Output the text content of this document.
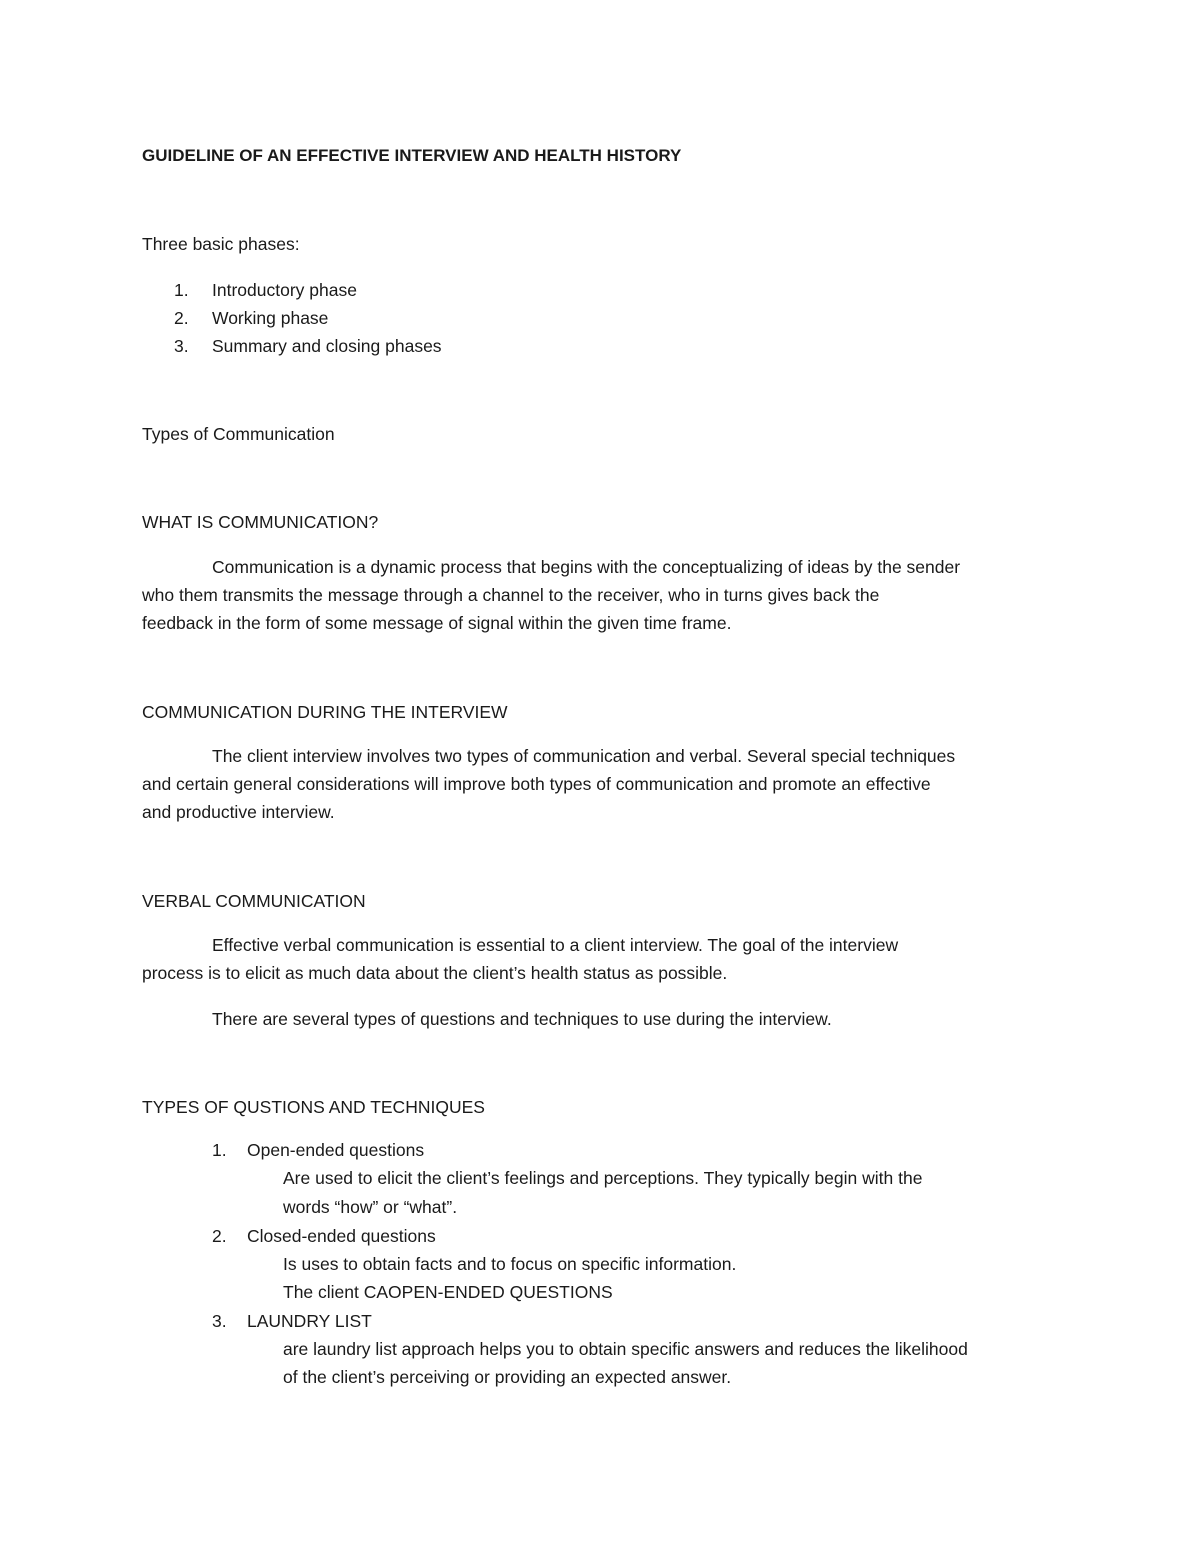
GUIDELINE OF AN EFFECTIVE INTERVIEW AND HEALTH HISTORY
Three basic phases:
1. Introductory phase
2. Working phase
3. Summary and closing phases
Types of Communication
WHAT IS COMMUNICATION?
Communication is a dynamic process that begins with the conceptualizing of ideas by the sender
who them transmits the message through a channel to the receiver, who in turns gives back the
feedback in the form of some message of signal within the given time frame.
COMMUNICATION DURING THE INTERVIEW
The client interview involves two types of communication and verbal. Several special techniques
and certain general considerations will improve both types of communication and promote an effective
and productive interview.
VERBAL COMMUNICATION
Effective verbal communication is essential to a client interview. The goal of the interview
process is to elicit as much data about the client’s health status as possible.
There are several types of questions and techniques to use during the interview.
TYPES OF QUSTIONS AND TECHNIQUES
1. Open-ended questions
Are used to elicit the client’s feelings and perceptions. They typically begin with the
words “how” or “what”.
2. Closed-ended questions
Is uses to obtain facts and to focus on specific information.
The client CAOPEN-ENDED QUESTIONS
3. LAUNDRY LIST
are laundry list approach helps you to obtain specific answers and reduces the likelihood
of the client’s perceiving or providing an expected answer.
